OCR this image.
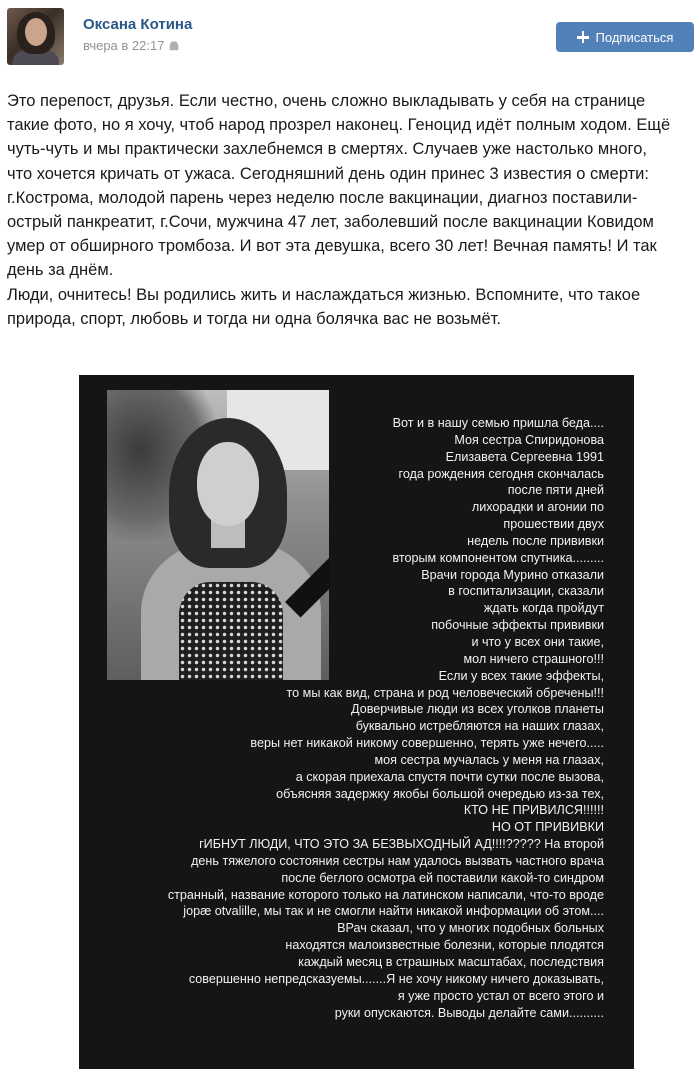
Оксана Котина
вчера в 22:17
Подписаться

Это перепост, друзья. Если честно, очень сложно выкладывать у себя на странице

такие фото, но я хочу, чтоб народ прозрел наконец. Геноцид идёт полным ходом. Ещё

чуть-чуть и мы практически захлебнемся в смертях. Случаев уже настолько много,

что хочется кричать от ужаса. Сегодняшний день один принес 3 известия о смерти:

г.Кострома, молодой парень через неделю после вакцинации, диагноз поставили-

острый панкреатит, г.Сочи, мужчина 47 лет, заболевший после вакцинации Ковидом

умер от обширного тромбоза. И вот эта девушка, всего 30 лет! Вечная память! И так

день за днём.

Люди, очнитесь! Вы родились жить и наслаждаться жизнью. Вспомните, что такое

природа, спорт, любовь и тогда ни одна болячка вас не возьмёт.

Вот и в нашу семью пришла беда....
Моя сестра Спиридонова
Елизавета Сергеевна 1991
года рождения сегодня скончалась
после пяти дней
лихорадки и агонии по
прошествии двух
недель после прививки
вторым компонентом спутника.........
Врачи города Мурино отказали
в госпитализации, сказали
ждать когда пройдут
побочные эффекты прививки
и что у всех они такие,
мол ничего страшного!!!
Если у всех такие эффекты,
то мы как вид, страна и род человеческий обречены!!!
Доверчивые люди из всех уголков планеты
буквально истребляются на наших глазах,
веры нет никакой никому совершенно, терять уже нечего.....
моя сестра мучалась у меня на глазах,
а скорая приехала спустя почти сутки после вызова,
объясняя задержку якобы большой очередью из-за тех,
КТО НЕ ПРИВИЛСЯ!!!!!!
НО ОТ ПРИВИВКИ
гИБНУТ ЛЮДИ, ЧТО ЭТО ЗА БЕЗВЫХОДНЫЙ АД!!!!????? На второй
день тяжелого состояния сестры нам удалось вызвать частного врача
после беглого осмотра ей поставили какой-то синдром
странный, название которого только на латинском написали, что-то вроде
jopæ otvalille, мы так и не смогли найти никакой информации об этом....
ВРач сказал, что у многих подобных больных
находятся малоизвестные болезни, которые плодятся
каждый месяц в страшных масштабах, последствия
совершенно непредсказуемы.......Я не хочу никому ничего доказывать,
я уже просто устал от всего этого и
руки опускаются. Выводы делайте сами..........
